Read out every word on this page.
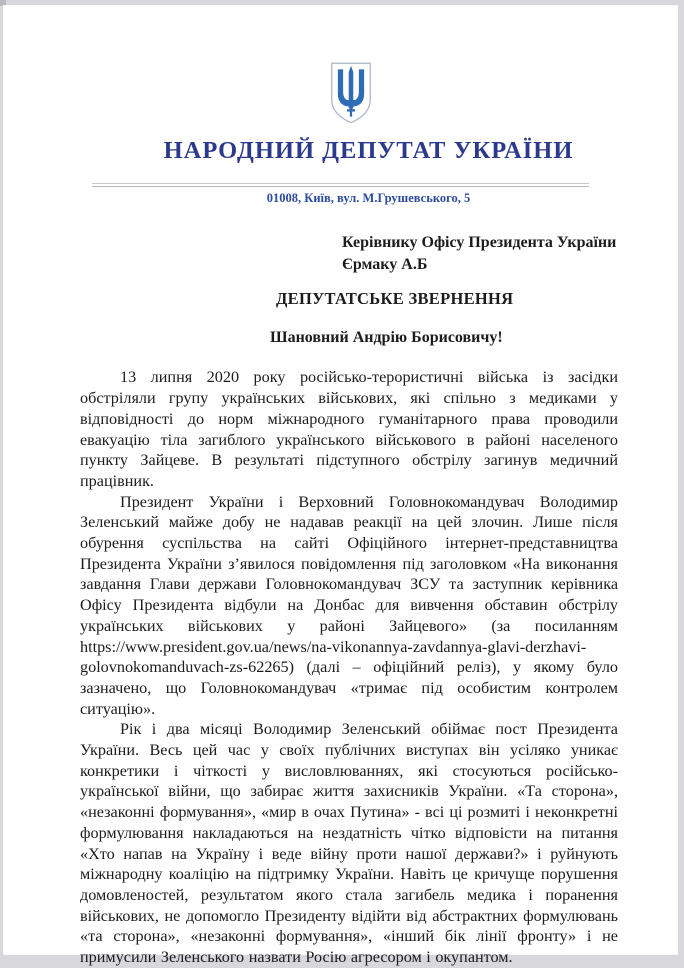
НАРОДНИЙ ДЕПУТАТ УКРАЇНИ
01008, Київ, вул. М.Грушевського, 5
Керівнику Офісу Президента України
Єрмаку А.Б
ДЕПУТАТСЬКЕ ЗВЕРНЕННЯ
Шановний Андрію Борисовичу!

13 липня 2020 року російсько-терористичні війська із засідки обстріляли групу українських військових, які спільно з медиками у відповідності до норм міжнародного гуманітарного права проводили евакуацію тіла загиблого українського військового в районі населеного пункту Зайцеве. В результаті підступного обстрілу загинув медичний працівник.

Президент України і Верховний Головнокомандувач Володимир Зеленський майже добу не надавав реакції на цей злочин. Лише після обурення суспільства на сайті Офіційного інтернет-представництва Президента України з’явилося повідомлення під заголовком «На виконання завдання Глави держави Головнокомандувач ЗСУ та заступник керівника Офісу Президента відбули на Донбас для вивчення обставин обстрілу українських військових у районі Зайцевого» (за посиланням https://www.president.gov.ua/news/na-vikonannya-zavdannya-glavi-derzhavi-golovnokomanduvach-zs-62265) (далі – офіційний реліз), у якому було зазначено, що Головнокомандувач «тримає під особистим контролем ситуацію».

Рік і два місяці Володимир Зеленський обіймає пост Президента України. Весь цей час у своїх публічних виступах він усіляко уникає конкретики і чіткості у висловлюваннях, які стосуються російсько-української війни, що забирає життя захисників України. «Та сторона», «незаконні формування», «мир в очах Путина» - всі ці розмиті і неконкретні формулювання накладаються на нездатність чітко відповісти на питання «Хто напав на Україну і веде війну проти нашої держави?» і руйнують міжнародну коаліцію на підтримку України. Навіть це кричуще порушення домовленостей, результатом якого стала загибель медика і поранення військових, не допомогло Президенту відійти від абстрактних формулювань «та сторона», «незаконні формування», «інший бік лінії фронту» і не примусили Зеленського назвати Росію агресором і окупантом.
